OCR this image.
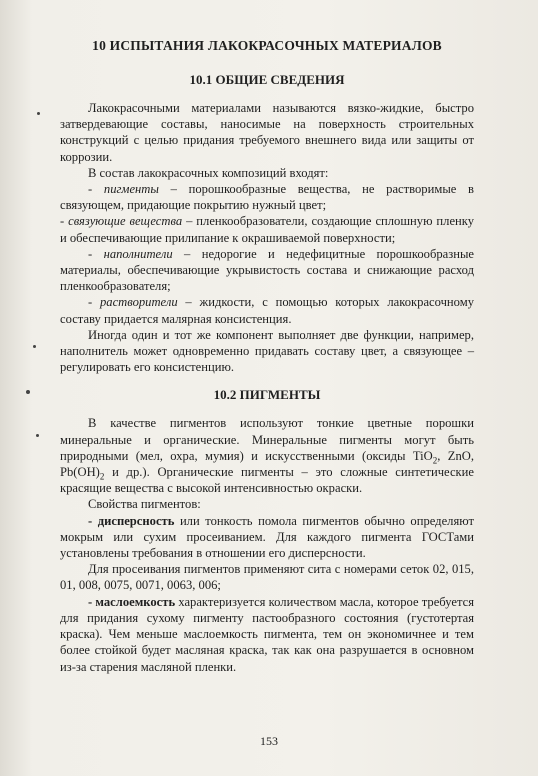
10 ИСПЫТАНИЯ ЛАКОКРАСОЧНЫХ МАТЕРИАЛОВ
10.1 ОБЩИЕ СВЕДЕНИЯ

Лакокрасочными материалами называются вязко-жидкие, быстро затвердевающие составы, наносимые на поверхность строительных конструкций с целью придания требуемого внешнего вида или защиты от коррозии.

В состав лакокрасочных композиций входят:

- пигменты – порошкообразные вещества, не растворимые в связующем, придающие покрытию нужный цвет;

- связующие вещества – пленкообразователи, создающие сплошную пленку и обеспечивающие прилипание к окрашиваемой поверхности;

- наполнители – недорогие и недефицитные порошкообразные материалы, обеспечивающие укрывистость состава и снижающие расход пленкообразователя;

- растворители – жидкости, с помощью которых лакокрасочному составу придается малярная консистенция.

Иногда один и тот же компонент выполняет две функции, например, наполнитель может одновременно придавать составу цвет, а связующее – регулировать его консистенцию.

10.2 ПИГМЕНТЫ

В качестве пигментов используют тонкие цветные порошки минеральные и органические. Минеральные пигменты могут быть природными (мел, охра, мумия) и искусственными (оксиды TiO$_2$, ZnO, $Pb(OH)_2$ и др.). Органические пигменты – это сложные синтетические красящие вещества с высокой интенсивностью окраски.

Свойства пигментов:

- дисперсность или тонкость помола пигментов обычно определяют мокрым или сухим просеиванием. Для каждого пигмента ГОСТами установлены требования в отношении его дисперсности.

Для просеивания пигментов применяют сита с номерами сеток 02, 015, 01, 008, 0075, 0071, 0063, 006;

- маслоемкость характеризуется количеством масла, которое требуется для придания сухому пигменту пастообразного состояния (густотертая краска). Чем меньше маслоемкость пигмента, тем он экономичнее и тем более стойкой будет масляная краска, так как она разрушается в основном из-за старения масляной пленки.

153
